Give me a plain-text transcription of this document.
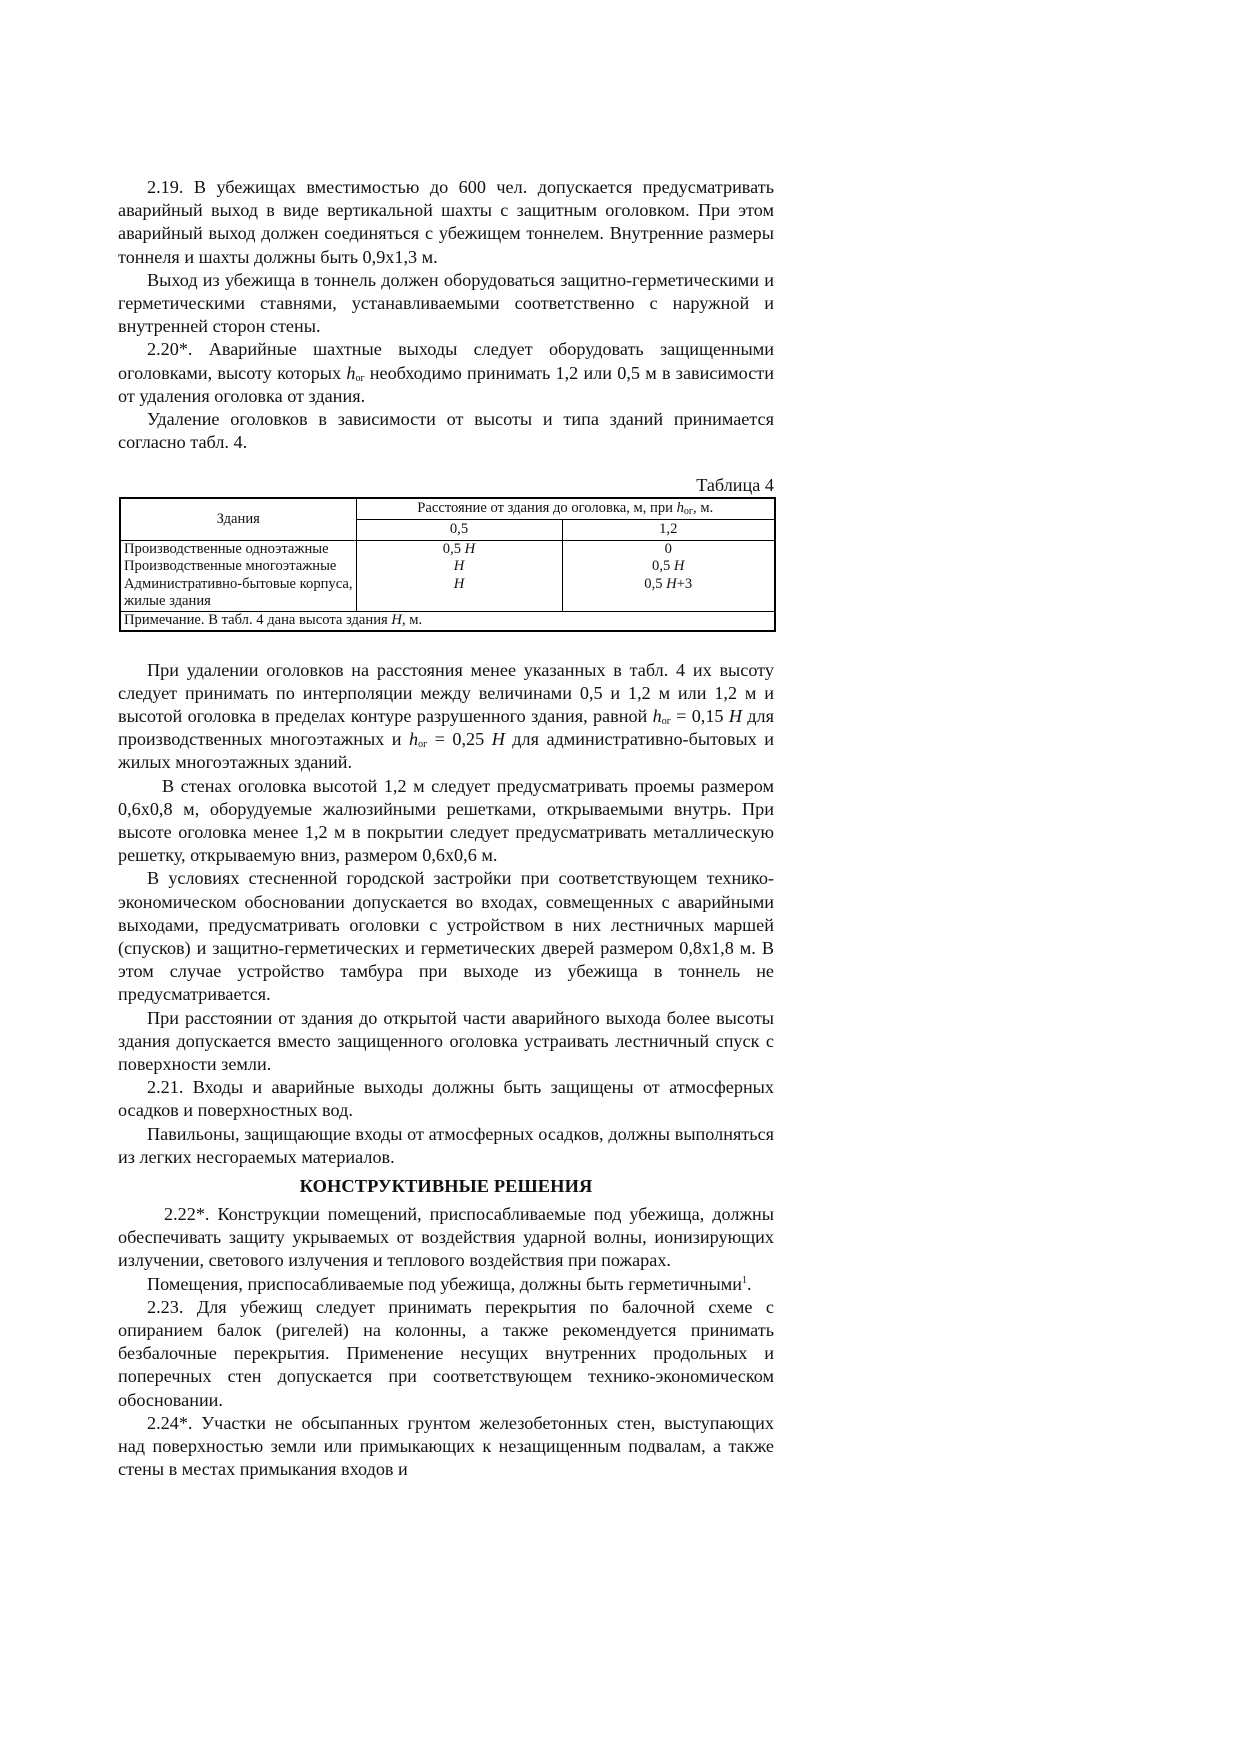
2.19. В убежищах вместимостью до 600 чел. допускается предусматривать аварийный выход в виде вертикальной шахты с защитным оголовком. При этом аварийный выход должен соединяться с убежищем тоннелем. Внутренние размеры тоннеля и шахты должны быть 0,9х1,3 м.

Выход из убежища в тоннель должен оборудоваться защитно-герметическими и герметическими ставнями, устанавливаемыми соответственно с наружной и внутренней сторон стены.

2.20*. Аварийные шахтные выходы следует оборудовать защищенными оголовками, высоту которых $h_{ог}$ необходимо принимать 1,2 или 0,5 м в зависимости от удаления оголовка от здания.

Удаление оголовков в зависимости от высоты и типа зданий принимается согласно табл. 4.

Таблица 4
Здания	Расстояние от здания до оголовка, м, при $h_{ог}$, м.	
	0,5	1,2
Производственные одноэтажные	0,5 H	0
Производственные многоэтажные	H	0,5 H

Административно-бытовые корпуса,
жилые здания	H	0,5 H+3
Примечание. В табл. 4 дана высота здания H, м.		

При удалении оголовков на расстояния менее указанных в табл. 4 их высоту следует принимать по интерполяции между величинами 0,5 и 1,2 м или 1,2 м и высотой оголовка в пределах контуре разрушенного здания, равной $h_{ог} = 0,15$ H для производственных многоэтажных и $h_{ог} = 0,25$ H для административно-бытовых и жилых многоэтажных зданий.

В стенах оголовка высотой 1,2 м следует предусматривать проемы размером 0,6х0,8 м, оборудуемые жалюзийными решетками, открываемыми внутрь. При высоте оголовка менее 1,2 м в покрытии следует предусматривать металлическую решетку, открываемую вниз, размером 0,6х0,6 м.

В условиях стесненной городской застройки при соответствующем технико-экономическом обосновании допускается во входах, совмещенных с аварийными выходами, предусматривать оголовки с устройством в них лестничных маршей (спусков) и защитно-герметических и герметических дверей размером 0,8х1,8 м. В этом случае устройство тамбура при выходе из убежища в тоннель не предусматривается.

При расстоянии от здания до открытой части аварийного выхода более высоты здания допускается вместо защищенного оголовка устраивать лестничный спуск с поверхности земли.

2.21. Входы и аварийные выходы должны быть защищены от атмосферных осадков и поверхностных вод.

Павильоны, защищающие входы от атмосферных осадков, должны выполняться из легких несгораемых материалов.

КОНСТРУКТИВНЫЕ РЕШЕНИЯ

2.22*. Конструкции помещений, приспосабливаемые под убежища, должны обеспечивать защиту укрываемых от воздействия ударной волны, ионизирующих излучении, светового излучения и теплового воздействия при пожарах.

Помещения, приспосабливаемые под убежища, должны быть герметичными$^1$.

2.23. Для убежищ следует принимать перекрытия по балочной схеме с опиранием балок (ригелей) на колонны, а также рекомендуется принимать безбалочные перекрытия. Применение несущих внутренних продольных и поперечных стен допускается при соответствующем технико-экономическом обосновании.

2.24*. Участки не обсыпанных грунтом железобетонных стен, выступающих над поверхностью земли или примыкающих к незащищенным подвалам, а также стены в местах примыкания входов и
